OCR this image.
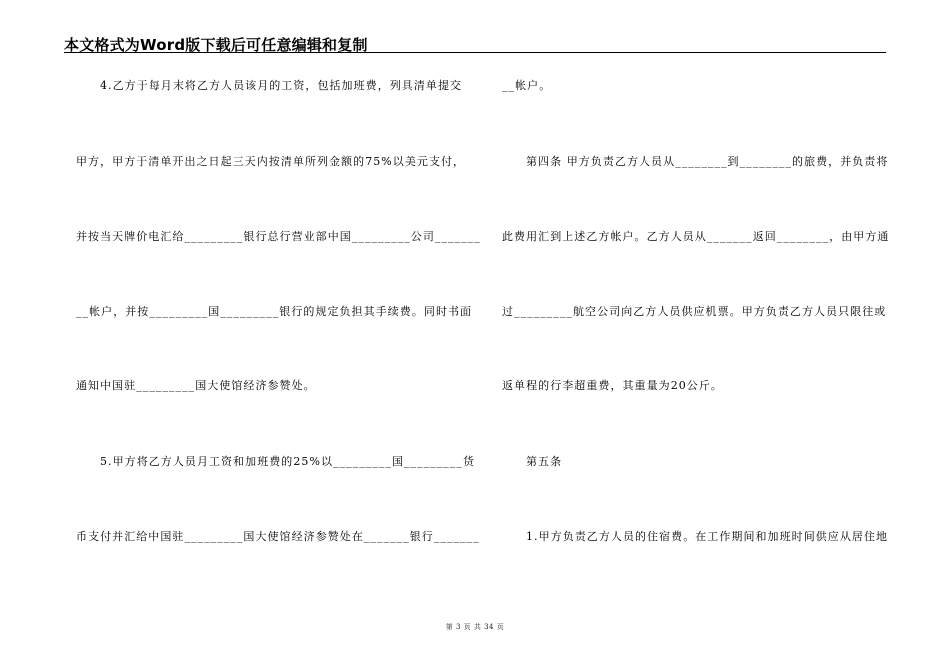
本文格式为Word版下载后可任意编辑和复制
4.乙方于每月末将乙方人员该月的工资，包括加班费，列具清单提交
甲方，甲方于清单开出之日起三天内按清单所列金额的75%以美元支付，
并按当天牌价电汇给_________银行总行营业部中国_________公司_______
__帐户，并按_________国_________银行的规定负担其手续费。同时书面
通知中国驻_________国大使馆经济参赞处。
5.甲方将乙方人员月工资和加班费的25%以_________国_________货
币支付并汇给中国驻_________国大使馆经济参赞处在_______银行_______
__帐户。
第四条 甲方负责乙方人员从________到________的旅费，并负责将
此费用汇到上述乙方帐户。乙方人员从_______返回________，由甲方通
过_________航空公司向乙方人员供应机票。甲方负责乙方人员只限往或
返单程的行李超重费，其重量为20公斤。
第五条
1.甲方负责乙方人员的住宿费。在工作期间和加班时间供应从居住地
第 3 页 共 34 页
